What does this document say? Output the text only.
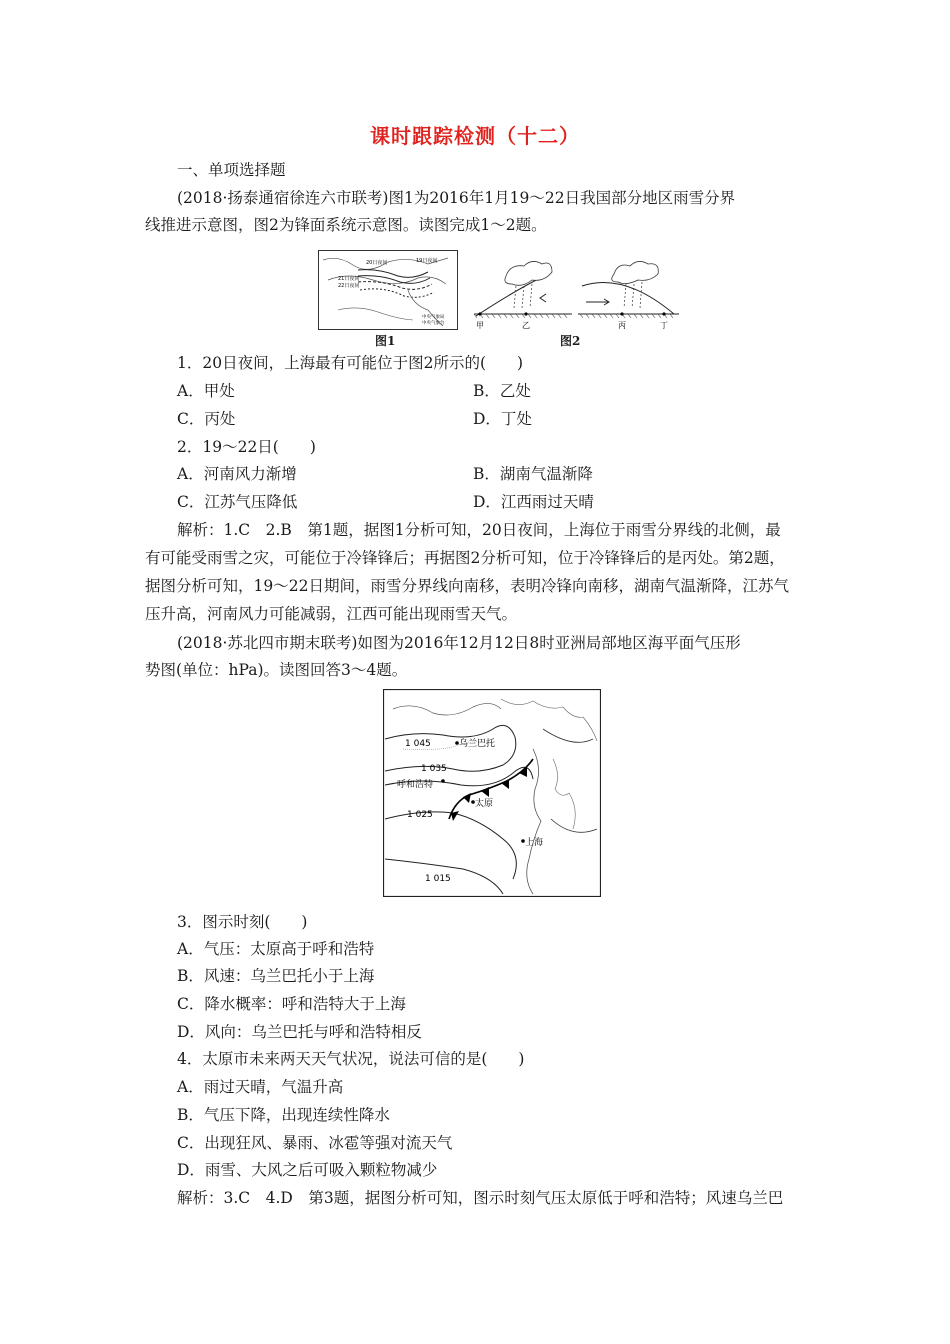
课时跟踪检测（十二）
一、单项选择题
(2018·扬泰通宿徐连六市联考)图1为2016年1月19～22日我国部分地区雨雪分界
线推进示意图，图2为锋面系统示意图。读图完成1～2题。
20日夜间	19日夜间
21日夜间
22日夜间
中央气象局
中央气象台
图1
甲	乙	丙	丁
图2
1．20日夜间，上海最有可能位于图2所示的(　　)
A．甲处	B．乙处
C．丙处	D．丁处
2．19～22日(　　)
A．河南风力渐增	B．湖南气温渐降
C．江苏气压降低	D．江西雨过天晴
解析：1.C　2.B　第1题，据图1分析可知，20日夜间，上海位于雨雪分界线的北侧，最
有可能受雨雪之灾，可能位于冷锋锋后；再据图2分析可知，位于冷锋锋后的是丙处。第2题，
据图分析可知，19～22日期间，雨雪分界线向南移，表明冷锋向南移，湖南气温渐降，江苏气
压升高，河南风力可能减弱，江西可能出现雨雪天气。
(2018·苏北四市期末联考)如图为2016年12月12日8时亚洲局部地区海平面气压形
势图(单位：hPa)。读图回答3～4题。
乌兰巴托
呼和浩特
太原
上海
1 045
1 035
1 025
1 015
3．图示时刻(　　)
A．气压：太原高于呼和浩特
B．风速：乌兰巴托小于上海
C．降水概率：呼和浩特大于上海
D．风向：乌兰巴托与呼和浩特相反
4．太原市未来两天天气状况，说法可信的是(　　)
A．雨过天晴，气温升高
B．气压下降，出现连续性降水
C．出现狂风、暴雨、冰雹等强对流天气
D．雨雪、大风之后可吸入颗粒物减少
解析：3.C　4.D　第3题，据图分析可知，图示时刻气压太原低于呼和浩特；风速乌兰巴
